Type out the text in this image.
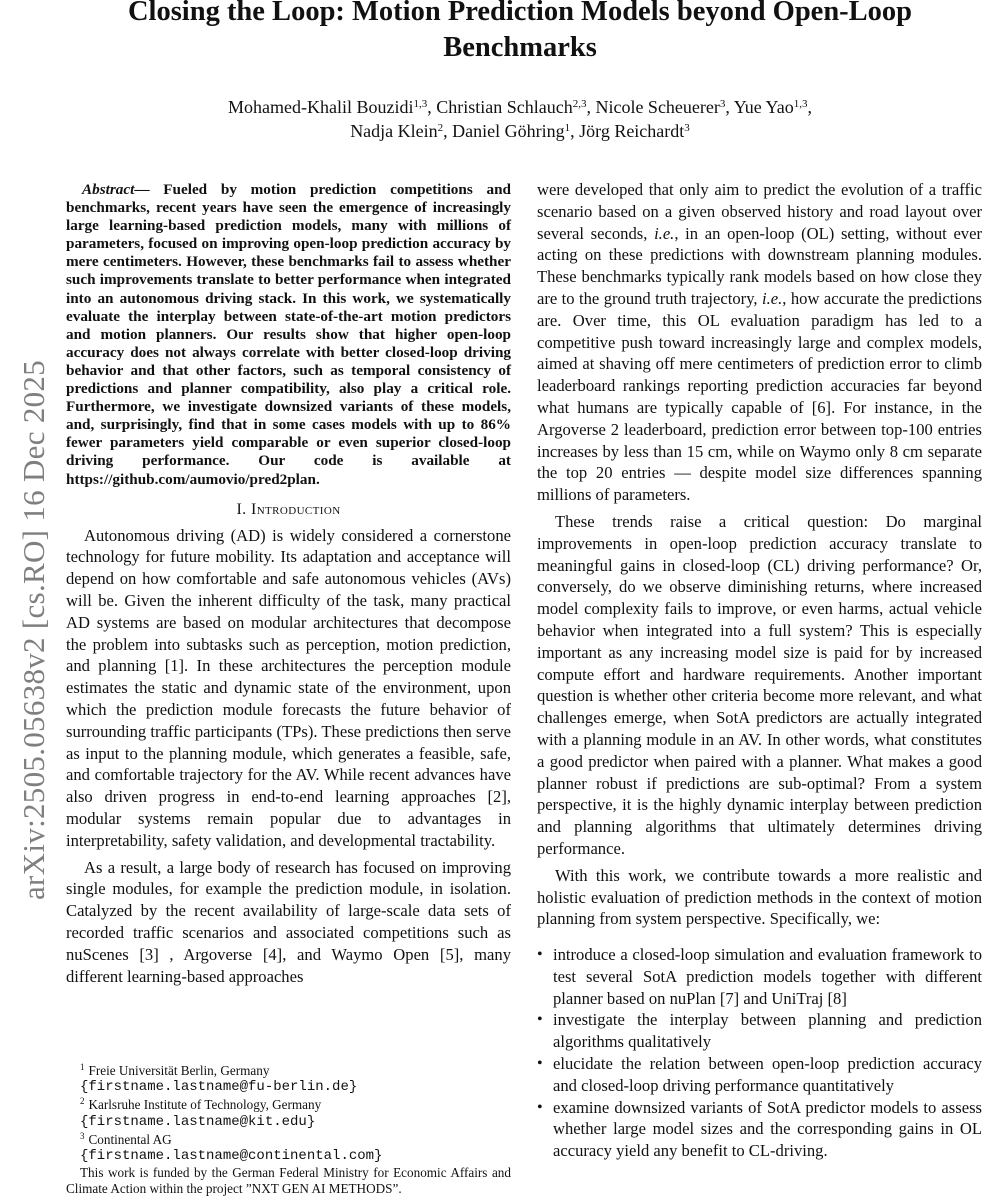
arXiv:2505.05638v2 [cs.RO] 16 Dec 2025
Closing the Loop: Motion Prediction Models beyond Open-Loop Benchmarks
Mohamed-Khalil Bouzidi$^{1,3}$, Christian Schlauch$^{2,3}$, Nicole Scheuerer$^3$, Yue Yao$^{1,3}$,
Nadja Klein$^2$, Daniel Göhring$^1$, Jörg Reichardt$^3$

Abstract— Fueled by motion prediction competitions and benchmarks, recent years have seen the emergence of increasingly large learning-based prediction models, many with millions of parameters, focused on improving open-loop prediction accuracy by mere centimeters. However, these benchmarks fail to assess whether such improvements translate to better performance when integrated into an autonomous driving stack. In this work, we systematically evaluate the interplay between state-of-the-art motion predictors and motion planners. Our results show that higher open-loop accuracy does not always correlate with better closed-loop driving behavior and that other factors, such as temporal consistency of predictions and planner compatibility, also play a critical role. Furthermore, we investigate downsized variants of these models, and, surprisingly, find that in some cases models with up to 86% fewer parameters yield comparable or even superior closed-loop driving performance. Our code is available at https://github.com/aumovio/pred2plan.

I. Introduction

Autonomous driving (AD) is widely considered a cornerstone technology for future mobility. Its adaptation and acceptance will depend on how comfortable and safe autonomous vehicles (AVs) will be. Given the inherent difficulty of the task, many practical AD systems are based on modular architectures that decompose the problem into subtasks such as perception, motion prediction, and planning [1]. In these architectures the perception module estimates the static and dynamic state of the environment, upon which the prediction module forecasts the future behavior of surrounding traffic participants (TPs). These predictions then serve as input to the planning module, which generates a feasible, safe, and comfortable trajectory for the AV. While recent advances have also driven progress in end-to-end learning approaches [2], modular systems remain popular due to advantages in interpretability, safety validation, and developmental tractability.

As a result, a large body of research has focused on improving single modules, for example the prediction module, in isolation. Catalyzed by the recent availability of large-scale data sets of recorded traffic scenarios and associated competitions such as nuScenes [3] , Argoverse [4], and Waymo Open [5], many different learning-based approaches

were developed that only aim to predict the evolution of a traffic scenario based on a given observed history and road layout over several seconds, i.e., in an open-loop (OL) setting, without ever acting on these predictions with downstream planning modules. These benchmarks typically rank models based on how close they are to the ground truth trajectory, i.e., how accurate the predictions are. Over time, this OL evaluation paradigm has led to a competitive push toward increasingly large and complex models, aimed at shaving off mere centimeters of prediction error to climb leaderboard rankings reporting prediction accuracies far beyond what humans are typically capable of [6]. For instance, in the Argoverse 2 leaderboard, prediction error between top-100 entries increases by less than 15 cm, while on Waymo only 8 cm separate the top 20 entries — despite model size differences spanning millions of parameters.

These trends raise a critical question: Do marginal improvements in open-loop prediction accuracy translate to meaningful gains in closed-loop (CL) driving performance? Or, conversely, do we observe diminishing returns, where increased model complexity fails to improve, or even harms, actual vehicle behavior when integrated into a full system? This is especially important as any increasing model size is paid for by increased compute effort and hardware requirements. Another important question is whether other criteria become more relevant, and what challenges emerge, when SotA predictors are actually integrated with a planning module in an AV. In other words, what constitutes a good predictor when paired with a planner. What makes a good planner robust if predictions are sub-optimal? From a system perspective, it is the highly dynamic interplay between prediction and planning algorithms that ultimately determines driving performance.

With this work, we contribute towards a more realistic and holistic evaluation of prediction methods in the context of motion planning from system perspective. Specifically, we:

• introduce a closed-loop simulation and evaluation framework to test several SotA prediction models together with different planner based on nuPlan [7] and UniTraj [8]
• investigate the interplay between planning and prediction algorithms qualitatively
• elucidate the relation between open-loop prediction accuracy and closed-loop driving performance quantitatively
• examine downsized variants of SotA predictor models to assess whether large model sizes and the corresponding gains in OL accuracy yield any benefit to CL-driving.
$^1$ Freie Universität Berlin, Germany
{firstname.lastname@fu-berlin.de}
$^2$ Karlsruhe Institute of Technology, Germany
{firstname.lastname@kit.edu}
$^3$ Continental AG
{firstname.lastname@continental.com}
This work is funded by the German Federal Ministry for Economic Affairs and Climate Action within the project ”NXT GEN AI METHODS”.
